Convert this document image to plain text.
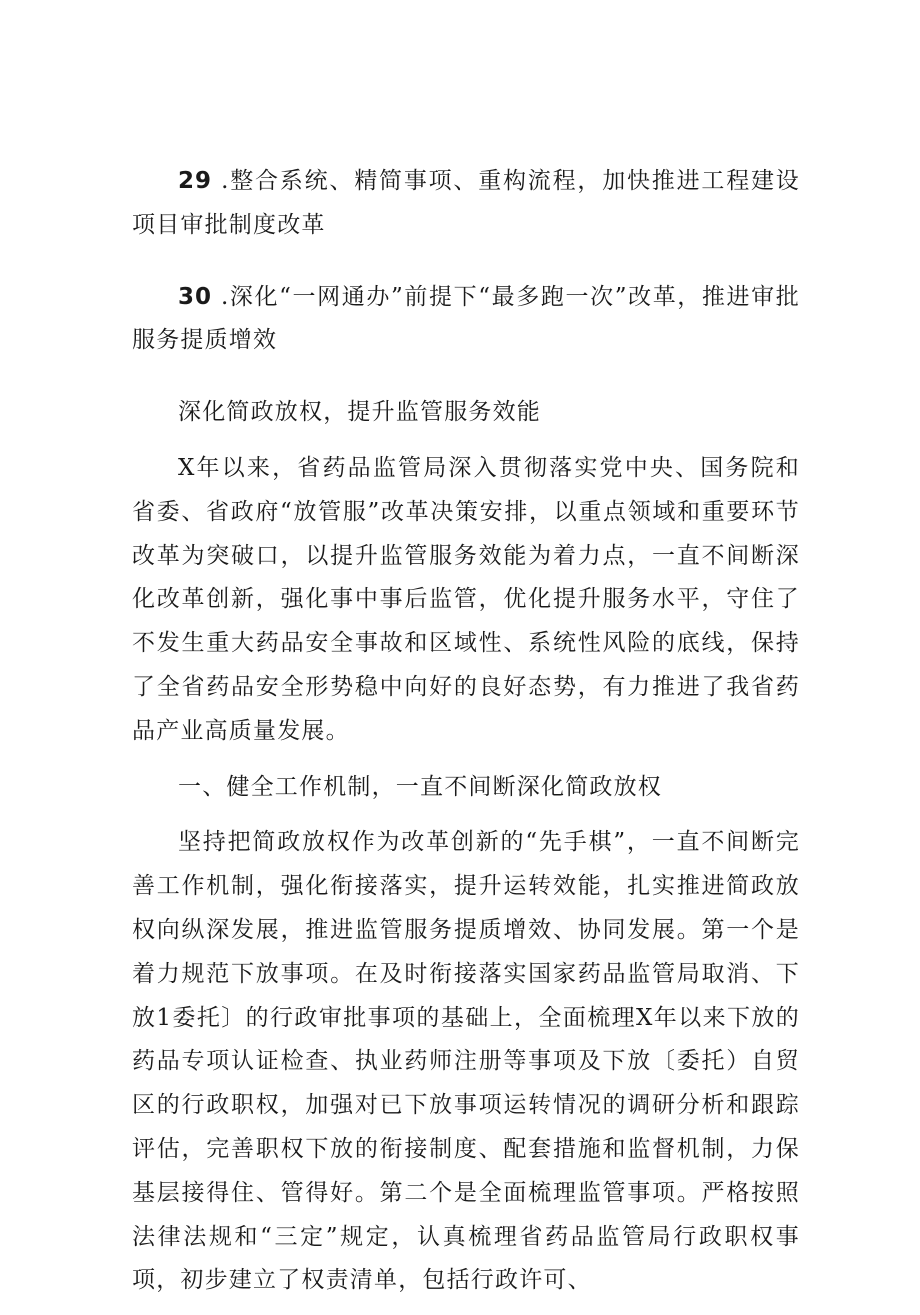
29 .整合系统、精简事项、重构流程，加快推进工程建设项目审批制度改革

30 .深化“一网通办”前提下“最多跑一次”改革，推进审批服务提质增效

深化简政放权，提升监管服务效能

X年以来，省药品监管局深入贯彻落实党中央、国务院和省委、省政府“放管服”改革决策安排，以重点领域和重要环节改革为突破口，以提升监管服务效能为着力点，一直不间断深化改革创新，强化事中事后监管，优化提升服务水平，守住了不发生重大药品安全事故和区域性、系统性风险的底线，保持了全省药品安全形势稳中向好的良好态势，有力推进了我省药品产业高质量发展。

一、健全工作机制，一直不间断深化简政放权

坚持把简政放权作为改革创新的“先手棋”，一直不间断完善工作机制，强化衔接落实，提升运转效能，扎实推进简政放权向纵深发展，推进监管服务提质增效、协同发展。第一个是着力规范下放事项。在及时衔接落实国家药品监管局取消、下放1委托〕的行政审批事项的基础上，全面梳理X年以来下放的药品专项认证检查、执业药师注册等事项及下放〔委托）自贸区的行政职权，加强对已下放事项运转情况的调研分析和跟踪评估，完善职权下放的衔接制度、配套措施和监督机制，力保基层接得住、管得好。第二个是全面梳理监管事项。严格按照法律法规和“三定”规定，认真梳理省药品监管局行政职权事项，初步建立了权责清单，包括行政许可、
